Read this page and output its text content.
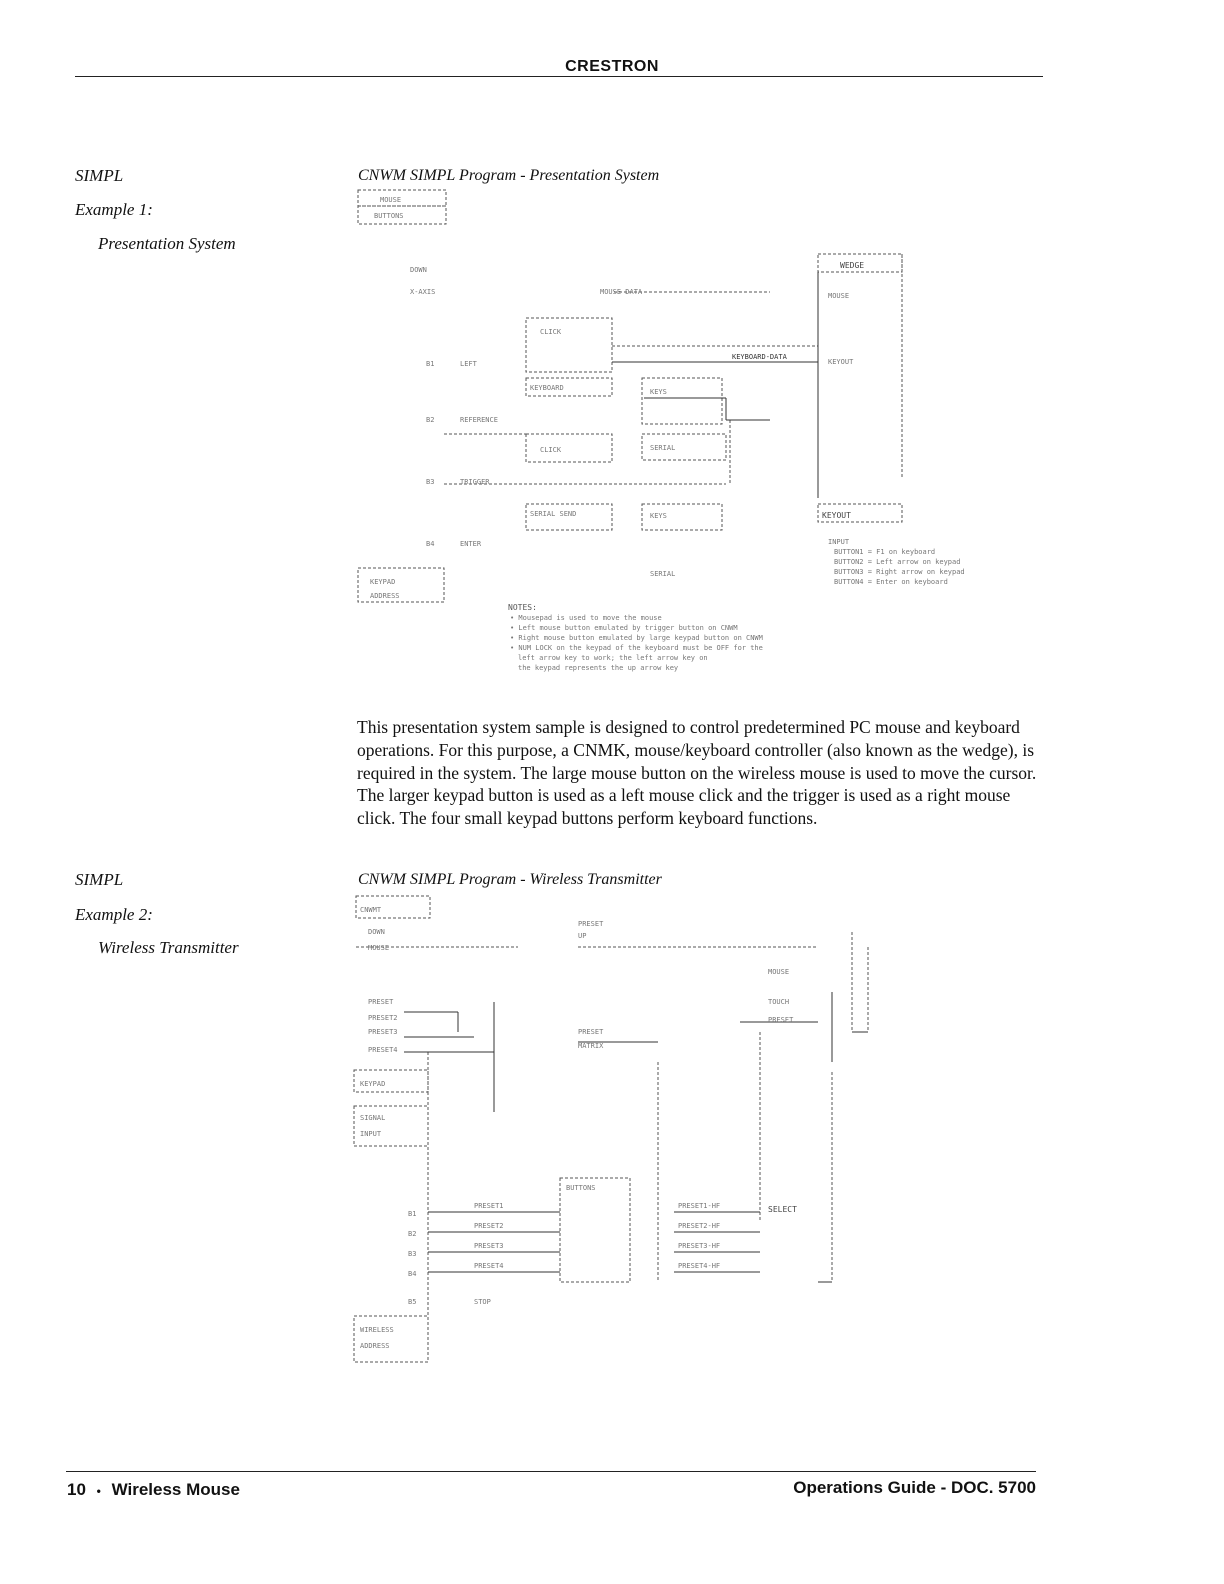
CRESTRON
SIMPL
Example 1:
Presentation System
CNWM SIMPL Program - Presentation System
MOUSE
BUTTONS
DOWN
X-AXIS	MOUSE DATA	MOUSE
CLICK
B1	LEFT	KEYOUT
KEYBOARD	KEYS
B2	REFERENCE
CLICK	SERIAL
B3	TRIGGER
SERIAL SEND	KEYS
B4	ENTER
KEYPAD
ADDRESS
SERIAL
INPUT
BUTTON1 = F1 on keyboard
BUTTON2 = Left arrow on keypad
BUTTON3 = Right arrow on keypad
BUTTON4 = Enter on keyboard
• Mousepad is used to move the mouse
• Left mouse button emulated by trigger button on CNWM
• Right mouse button emulated by large keypad button on CNWM
• NUM LOCK on the keypad of the keyboard must be OFF for the
left arrow key to work; the left arrow key on
the keypad represents the up arrow key
NOTES:
WEDGE
KEYBOARD-DATA
KEYOUT
This presentation system sample is designed to control predetermined PC mouse and keyboard operations. For this purpose, a CNMK, mouse/keyboard controller (also known as the wedge), is required in the system. The large mouse button on the wireless mouse is used to move the cursor. The larger keypad button is used as a left mouse click and the trigger is used as a right mouse click. The four small keypad buttons perform keyboard functions.
SIMPL
Example 2:
Wireless Transmitter
CNWM SIMPL Program - Wireless Transmitter
CNWMT
DOWN
MOUSE
PRESET
UP
PRESET
PRESET2
PRESET3
PRESET4
PRESET
MATRIX
MOUSE
TOUCH
PRESET
KEYPAD
SIGNAL
INPUT
BUTTONS
B1
B2
B3
B4
PRESET1
PRESET2
PRESET3
PRESET4
PRESET1-HF
PRESET2-HF
PRESET3-HF
PRESET4-HF
B5	STOP
WIRELESS
ADDRESS
SELECT
10 • Wireless Mouse	Operations Guide - DOC. 5700
